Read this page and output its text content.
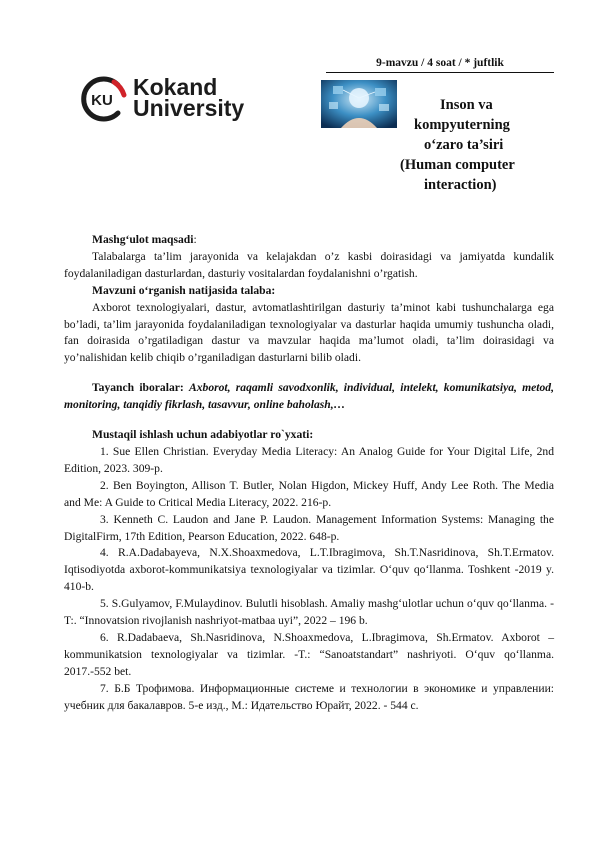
9-mavzu / 4 soat / * juftlik
KU
Kokand
University	Inson va
kompyuterning
o‘zaro ta’siri
(Human computer
interaction)

Mashg‘ulot maqsadi:

Talabalarga ta’lim jarayonida va kelajakdan o’z kasbi doirasidagi va jamiyatda kundalik foydalaniladigan dasturlardan, dasturiy vositalardan foydalanishni o’rgatish.

Mavzuni o‘rganish natijasida talaba:

Axborot texnologiyalari, dastur, avtomatlashtirilgan dasturiy ta’minot kabi tushunchalarga ega bo’ladi, ta’lim jarayonida foydalaniladigan texnologiyalar va dasturlar haqida umumiy tushuncha oladi, fan doirasida o’rgatiladigan dastur va mavzular haqida ma’lumot oladi, ta’lim doirasidagi va yo’nalishidan kelib chiqib o’rganiladigan dasturlarni bilib oladi.

Tayanch iboralar: Axborot, raqamli savodxonlik, individual, intelekt, komunikatsiya, metod, monitoring, tanqidiy fikrlash, tasavvur, online baholash,…

Mustaqil ishlash uchun adabiyotlar ro`yxati:

1. Sue Ellen Christian. Everyday Media Literacy: An Analog Guide for Your Digital Life, 2nd Edition, 2023. 309-p.

2. Ben Boyington, Allison T. Butler, Nolan Higdon, Mickey Huff, Andy Lee Roth. The Media and Me: A Guide to Critical Media Literacy, 2022. 216-p.

3. Kenneth C. Laudon and Jane P. Laudon. Management Information Systems: Managing the DigitalFirm, 17th Edition, Pearson Education, 2022. 648-p.

4. R.A.Dadabayeva, N.X.Shoaxmedova, L.T.Ibragimova, Sh.T.Nasridinova, Sh.T.Ermatov. Iqtisodiyotda axborot-kommunikatsiya texnologiyalar va tizimlar. O‘quv qo‘llanma. Toshkent -2019 y. 410-b.

5. S.Gulyamov, F.Mulaydinov. Bulutli hisoblash. Amaliy mashg‘ulotlar uchun o‘quv qo‘llanma. -T:. “Innovatsion rivojlanish nashriyot-matbaa uyi”, 2022 – 196 b.

6. R.Dadabaeva, Sh.Nasridinova, N.Shoaxmedova, L.Ibragimova, Sh.Ermatov. Axborot – kommunikatsion texnologiyalar va tizimlar. -T.: “Sanoatstandart” nashriyoti. O‘quv qo‘llanma. 2017.-552 bet.

7. Б.Б Трофимова. Информационные системе и технологии в экономике и управлении: учебник для бакалавров. 5-е изд., М.: Идательство Юрайт, 2022. - 544 с.
